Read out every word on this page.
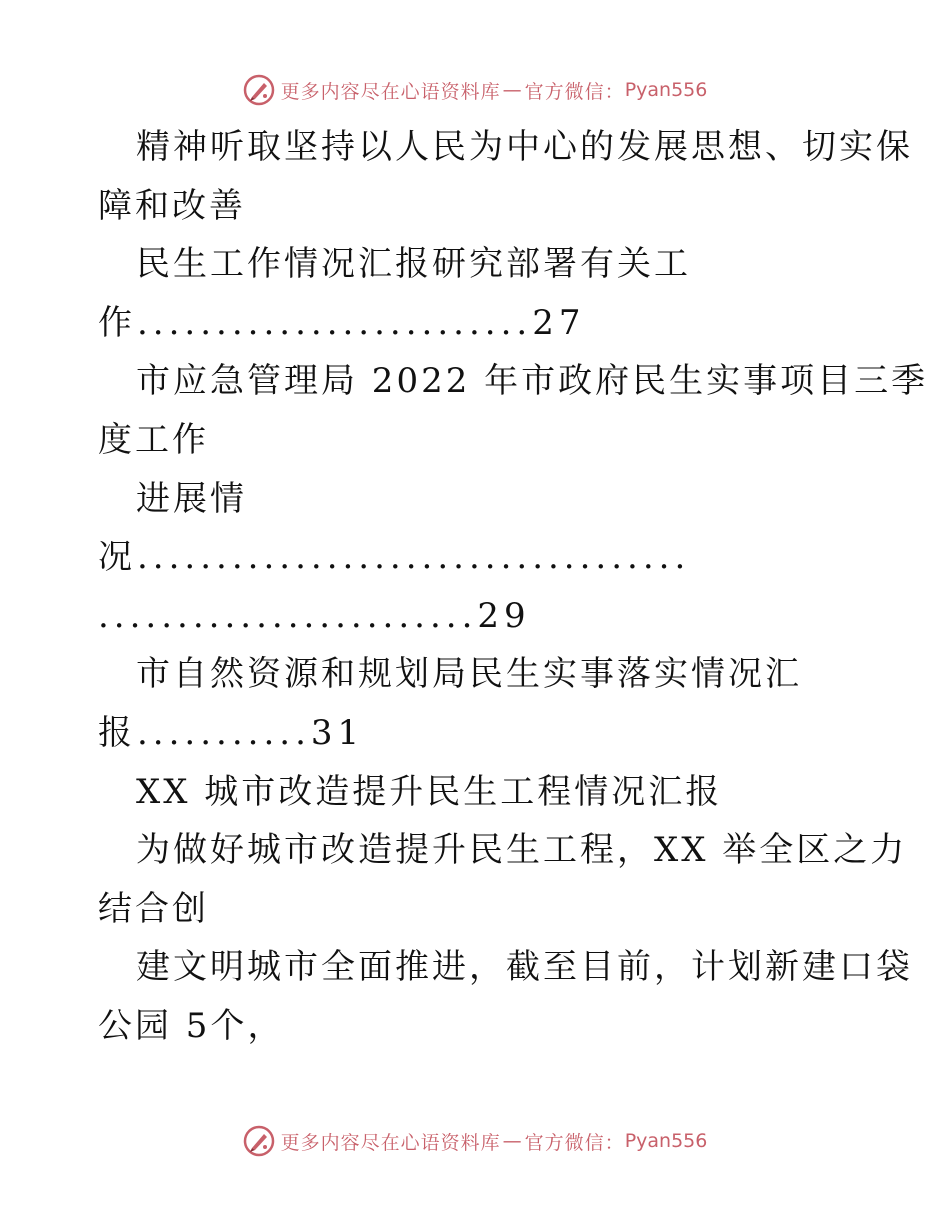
更多内容尽在心语资料库 — 官方微信： Pyan556
精神听取坚持以人民为中心的发展思想、切实保
障和改善
民生工作情况汇报研究部署有关工
作.........................27
市应急管理局 2022 年市政府民生实事项目三季
度工作
进展情
况...................................
........................29
市自然资源和规划局民生实事落实情况汇
报...........31
XX 城市改造提升民生工程情况汇报
为做好城市改造提升民生工程，XX 举全区之力
结合创
建文明城市全面推进，截至目前，计划新建口袋
公园 5个，
更多内容尽在心语资料库 — 官方微信： Pyan556
